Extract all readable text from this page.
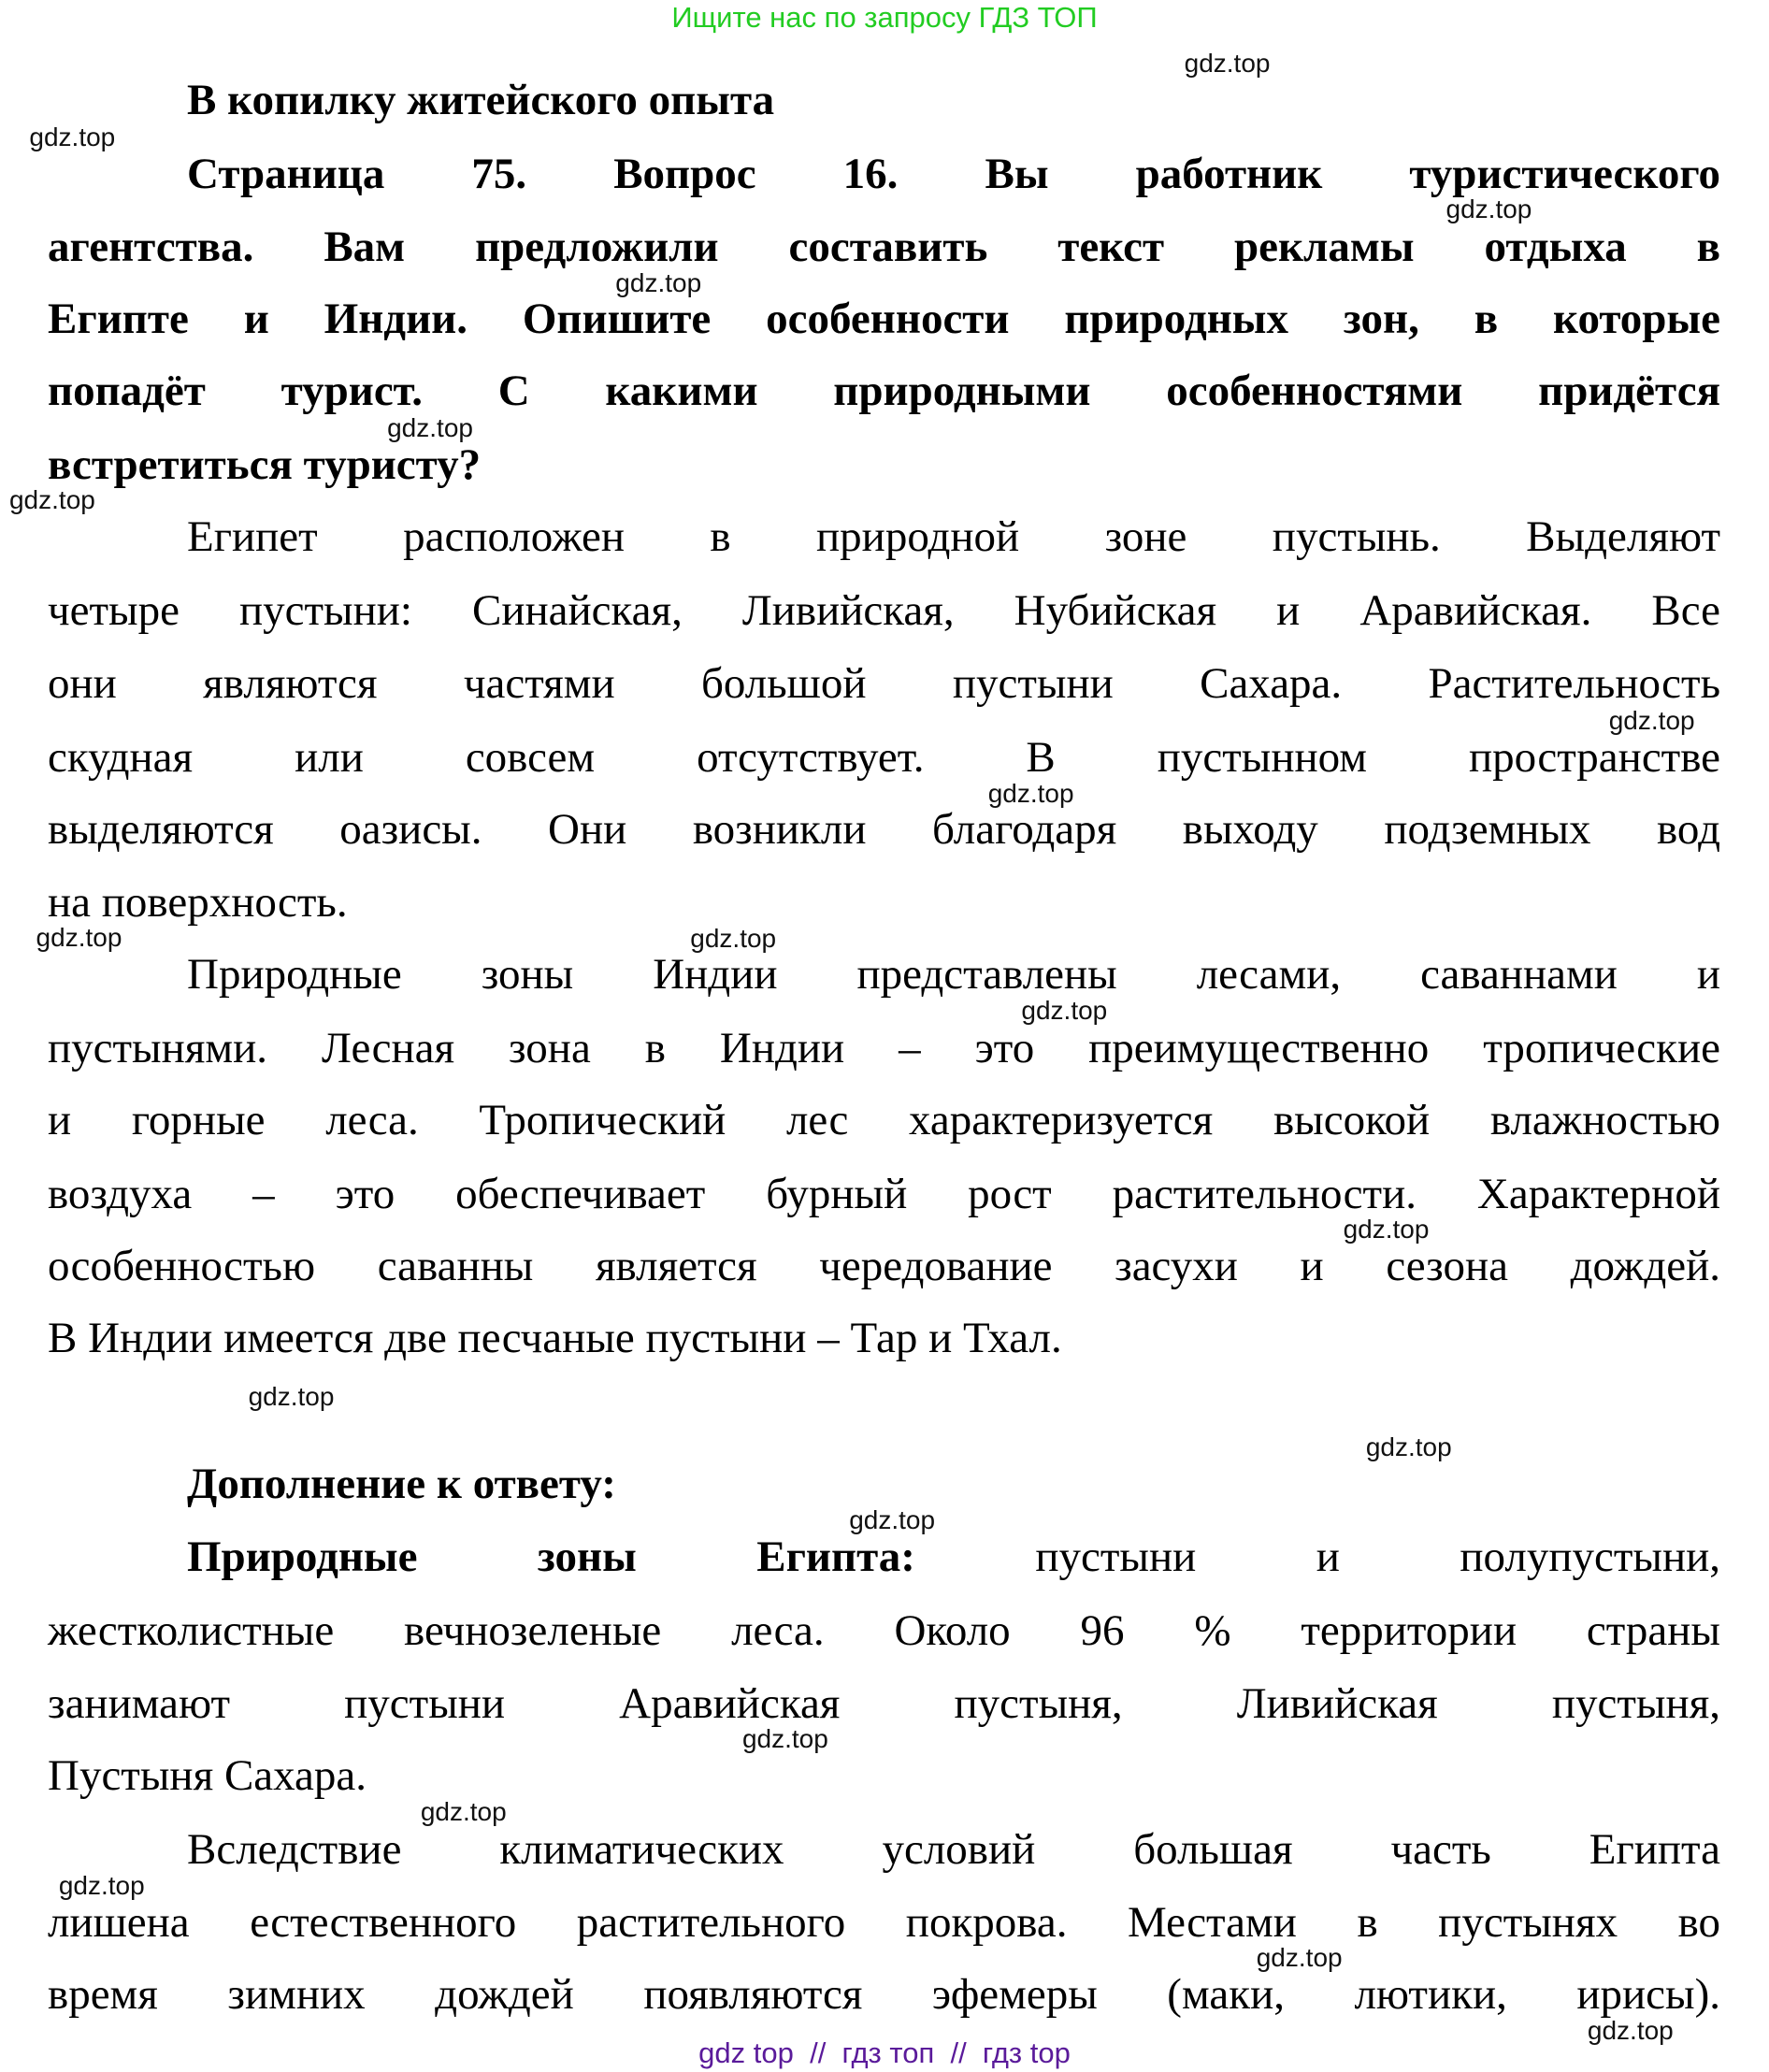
Ищите нас по запросу ГДЗ ТОП
В копилку житейского опыта
Страница 75. Вопрос 16. Вы работник туристического
агентства. Вам предложили составить текст рекламы отдыха в
Египте и Индии. Опишите особенности природных зон, в которые
попадёт турист. С какими природными особенностями придётся
встретиться туристу?
Египет расположен в природной зоне пустынь. Выделяют
четыре пустыни: Синайская, Ливийская, Нубийская и Аравийская. Все
они являются частями большой пустыни Сахара. Растительность
скудная или совсем отсутствует. В пустынном пространстве
выделяются оазисы. Они возникли благодаря выходу подземных вод
на поверхность.
Природные зоны Индии представлены лесами, саваннами и
пустынями. Лесная зона в Индии – это преимущественно тропические
и горные леса. Тропический лес характеризуется высокой влажностью
воздуха – это обеспечивает бурный рост растительности. Характерной
особенностью саванны является чередование засухи и сезона дождей.
В Индии имеется две песчаные пустыни – Тар и Тхал.
Дополнение к ответу:
Природные зоны Египта: пустыни и полупустыни,
жестколистные вечнозеленые леса. Около 96 % территории страны
занимают пустыни Аравийская пустыня, Ливийская пустыня,
Пустыня Сахара.
Вследствие климатических условий большая часть Египта
лишена естественного растительного покрова. Местами в пустынях во
время зимних дождей появляются эфемеры (маки, лютики, ирисы).
gdz.top
gdz.top
gdz.top
gdz.top
gdz.top
gdz.top
gdz.top
gdz.top
gdz.top
gdz.top
gdz.top
gdz.top
gdz.top
gdz.top
gdz.top
gdz.top
gdz.top
gdz.top
gdz.top
gdz.top
gdz top  //  гдз топ  //  гдз top
